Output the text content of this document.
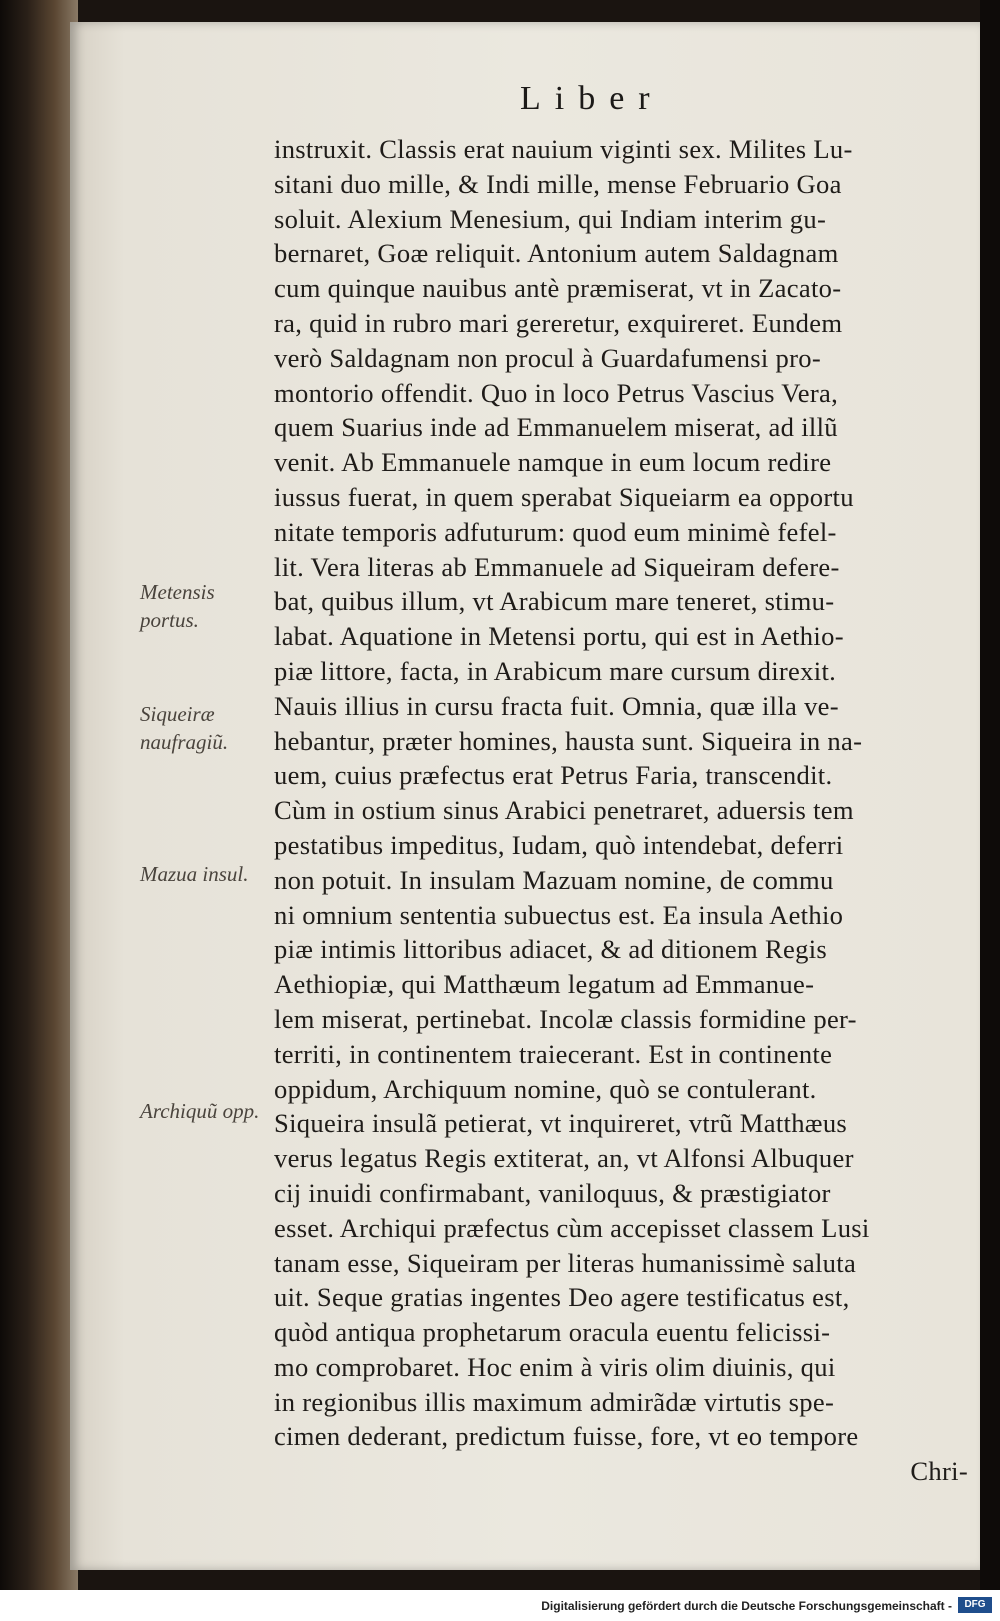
Liber
Metensis portus.
Siqueiræ naufragiũ.
Mazua insul.
Archiquũ opp.
instruxit. Classis erat nauium viginti sex. Milites Lu-
sitani duo mille, & Indi mille, mense Februario Goa
soluit. Alexium Menesium, qui Indiam interim gu-
bernaret, Goæ reliquit. Antonium autem Saldagnam
cum quinque nauibus antè præmiserat, vt in Zacato-
ra, quid in rubro mari gereretur, exquireret. Eundem
verò Saldagnam non procul à Guardafumensi pro-
montorio offendit. Quo in loco Petrus Vascius Vera,
quem Suarius inde ad Emmanuelem miserat, ad illũ
venit. Ab Emmanuele namque in eum locum redire
iussus fuerat, in quem sperabat Siqueiarm ea opportu
nitate temporis adfuturum: quod eum minimè fefel-
lit. Vera literas ab Emmanuele ad Siqueiram defere-
bat, quibus illum, vt Arabicum mare teneret, stimu-
labat. Aquatione in Metensi portu, qui est in Aethio-
piæ littore, facta, in Arabicum mare cursum direxit.
Nauis illius in cursu fracta fuit. Omnia, quæ illa ve-
hebantur, præter homines, hausta sunt. Siqueira in na-
uem, cuius præfectus erat Petrus Faria, transcendit.
Cùm in ostium sinus Arabici penetraret, aduersis tem
pestatibus impeditus, Iudam, quò intendebat, deferri
non potuit. In insulam Mazuam nomine, de commu
ni omnium sententia subuectus est. Ea insula Aethio
piæ intimis littoribus adiacet, & ad ditionem Regis
Aethiopiæ, qui Matthæum legatum ad Emmanue-
lem miserat, pertinebat. Incolæ classis formidine per-
territi, in continentem traiecerant. Est in continente
oppidum, Archiquum nomine, quò se contulerant.
Siqueira insulã petierat, vt inquireret, vtrũ Matthæus
verus legatus Regis extiterat, an, vt Alfonsi Albuquer
cij inuidi confirmabant, vaniloquus, & præstigiator
esset. Archiqui præfectus cùm accepisset classem Lusi
tanam esse, Siqueiram per literas humanissimè saluta
uit. Seque gratias ingentes Deo agere testificatus est,
quòd antiqua prophetarum oracula euentu felicissi-
mo comprobaret. Hoc enim à viris olim diuinis, qui
in regionibus illis maximum admirãdæ virtutis spe-
cimen dederant, predictum fuisse, fore, vt eo tempore
Chri-
Digitalisierung gefördert durch die Deutsche Forschungsgemeinschaft -	DFG
